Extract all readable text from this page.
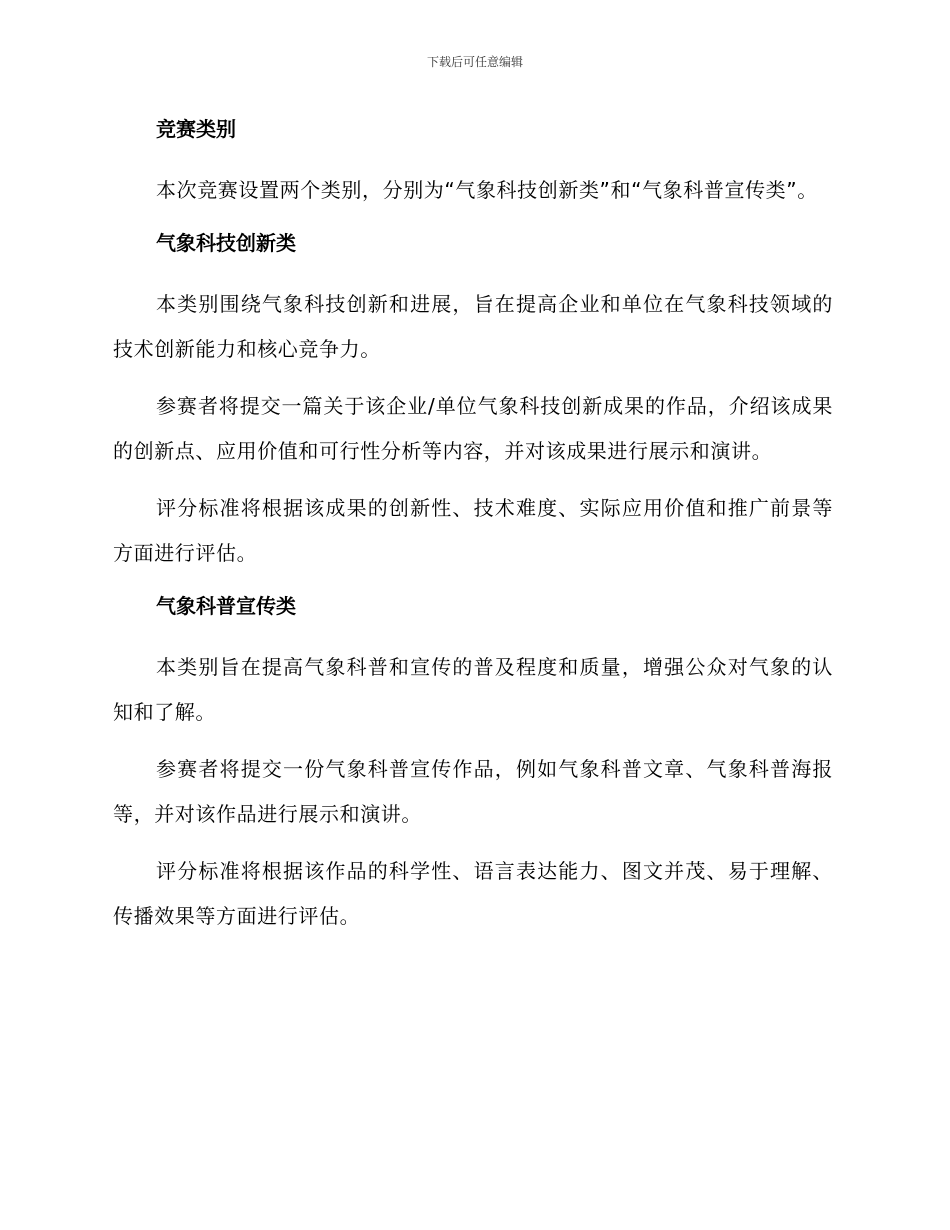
下载后可任意编辑
竞赛类别

本次竞赛设置两个类别，分别为“气象科技创新类”和“气象科普宣传类”。

气象科技创新类

本类别围绕气象科技创新和进展，旨在提高企业和单位在气象科技领域的技术创新能力和核心竞争力。

参赛者将提交一篇关于该企业/单位气象科技创新成果的作品，介绍该成果的创新点、应用价值和可行性分析等内容，并对该成果进行展示和演讲。

评分标准将根据该成果的创新性、技术难度、实际应用价值和推广前景等方面进行评估。

气象科普宣传类

本类别旨在提高气象科普和宣传的普及程度和质量，增强公众对气象的认知和了解。

参赛者将提交一份气象科普宣传作品，例如气象科普文章、气象科普海报等，并对该作品进行展示和演讲。

评分标准将根据该作品的科学性、语言表达能力、图文并茂、易于理解、传播效果等方面进行评估。
